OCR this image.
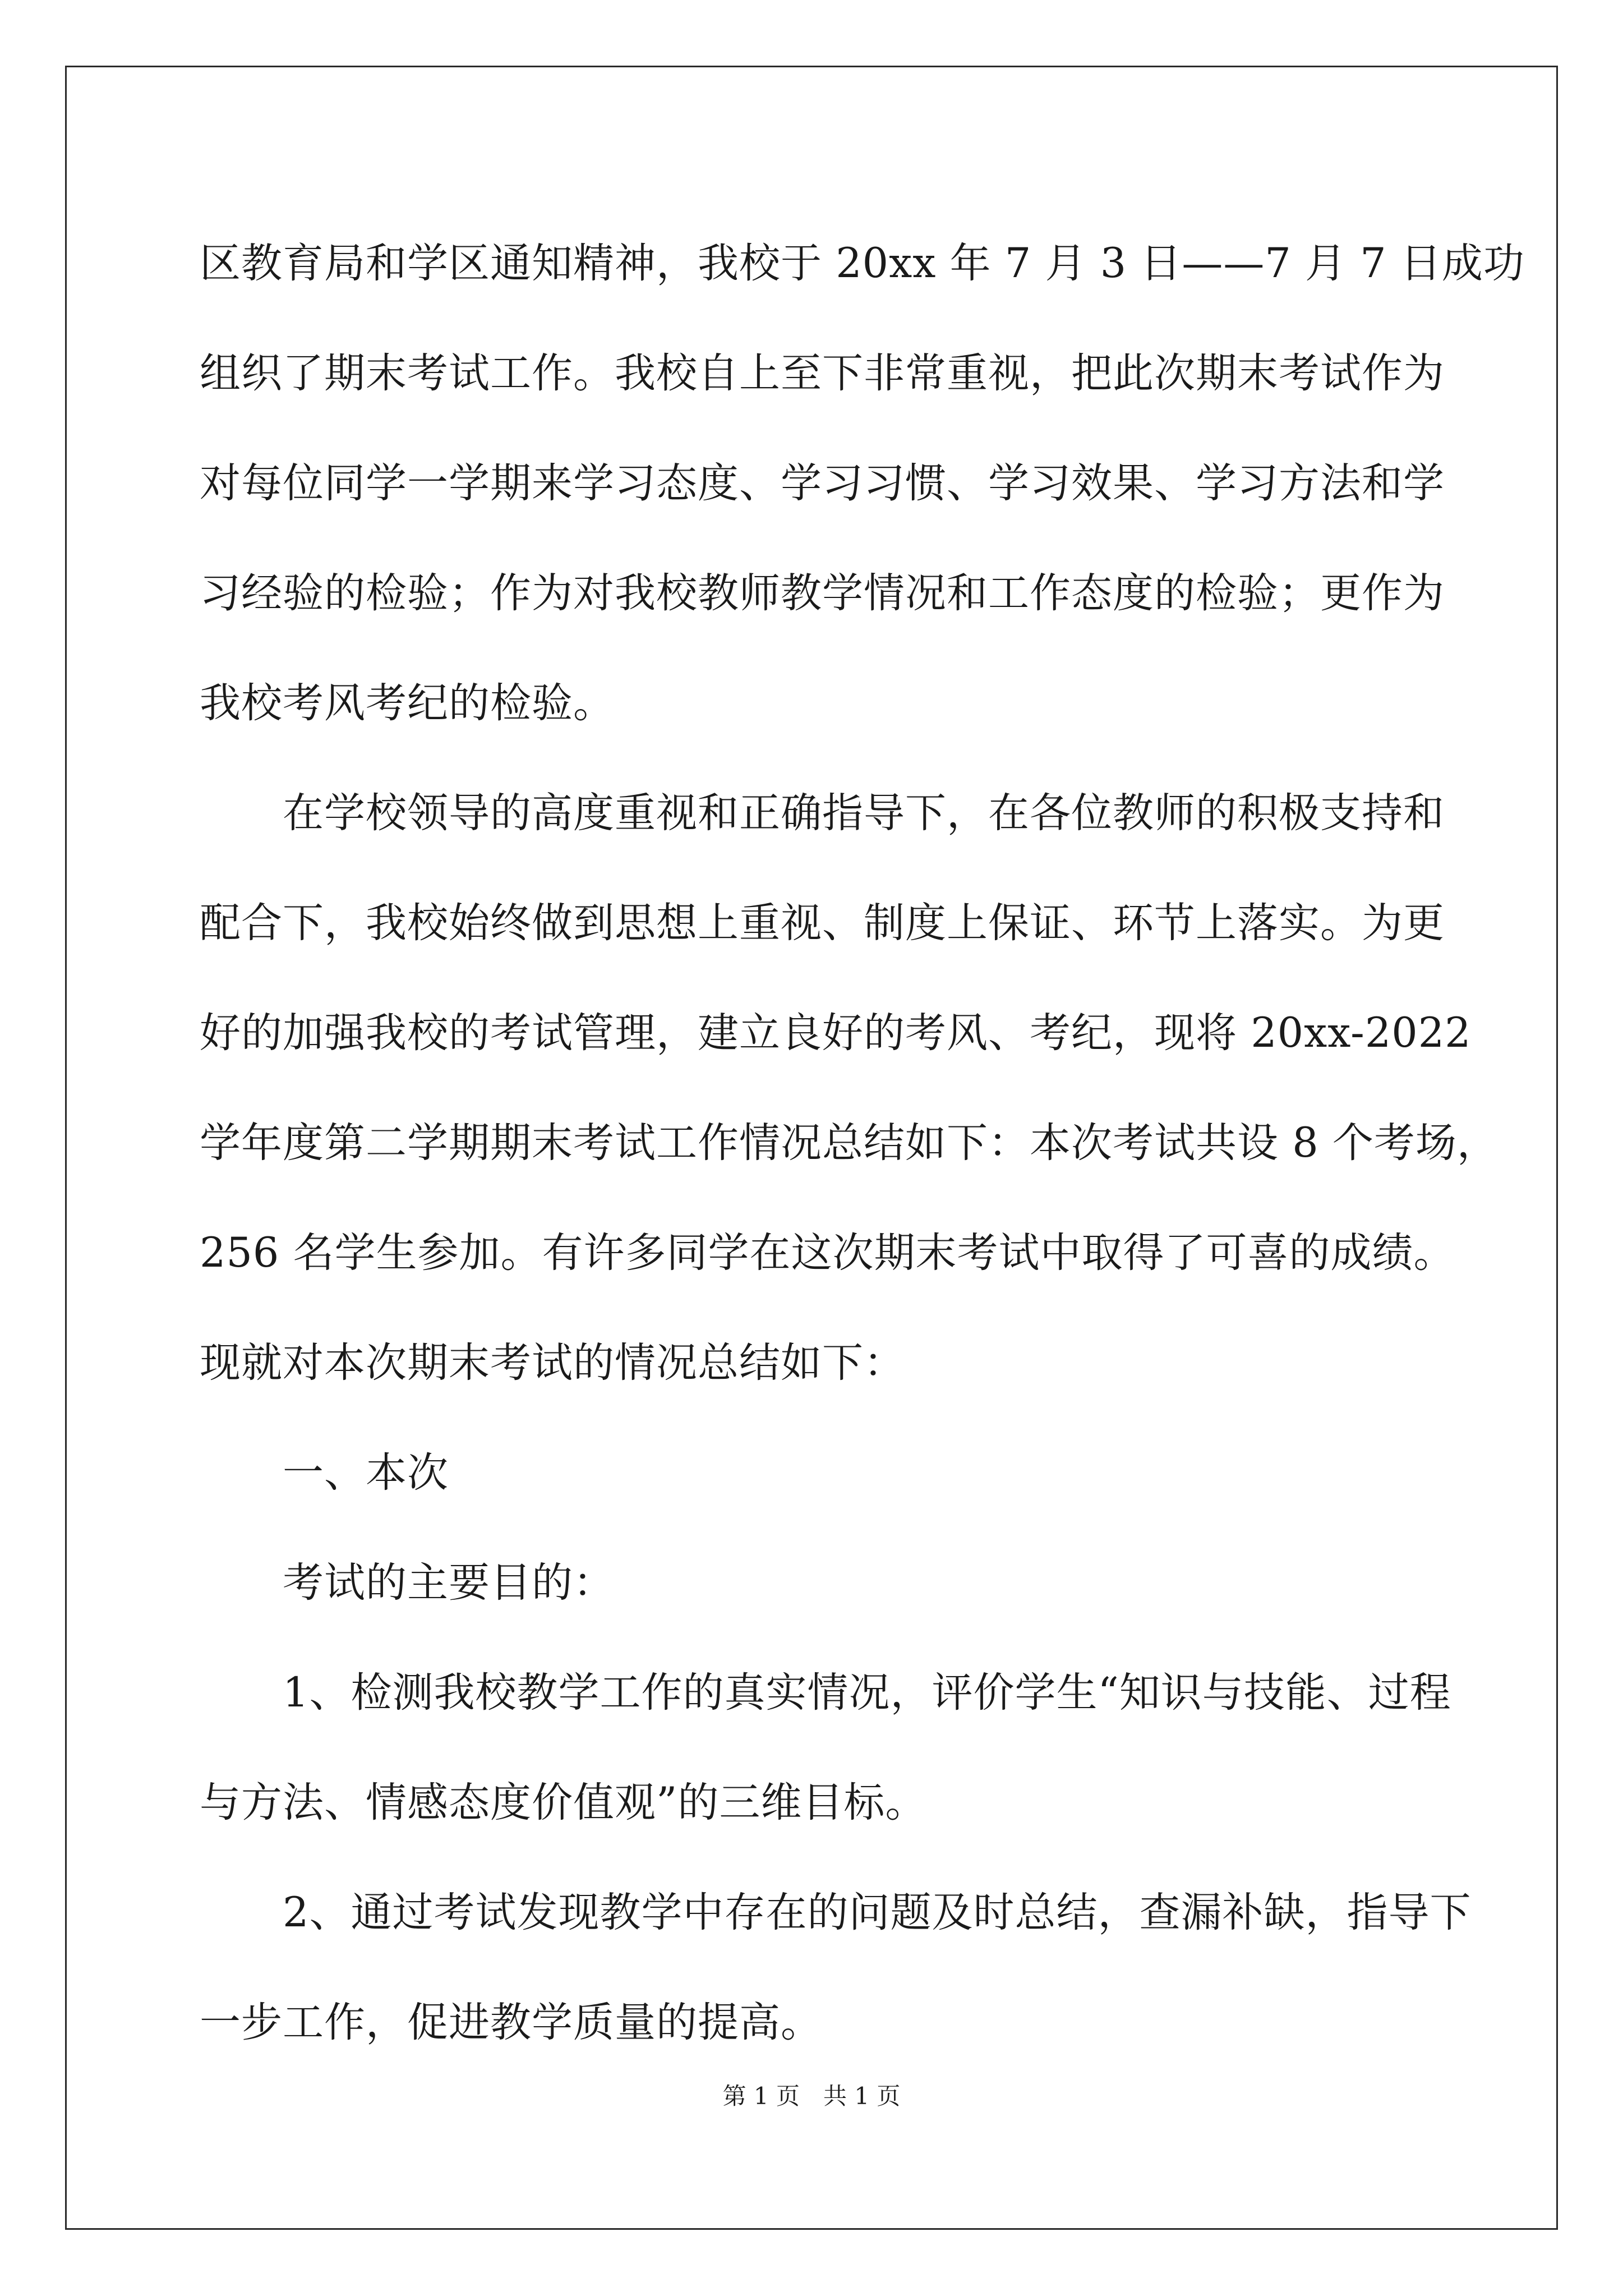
区教育局和学区通知精神，我校于 20xx 年 7 月 3 日——7 月 7 日成功
组织了期末考试工作。我校自上至下非常重视，把此次期末考试作为
对每位同学一学期来学习态度、学习习惯、学习效果、学习方法和学
习经验的检验；作为对我校教师教学情况和工作态度的检验；更作为
我校考风考纪的检验。
在学校领导的高度重视和正确指导下，在各位教师的积极支持和
配合下，我校始终做到思想上重视、制度上保证、环节上落实。为更
好的加强我校的考试管理，建立良好的考风、考纪，现将 20xx-2022
学年度第二学期期末考试工作情况总结如下：本次考试共设 8 个考场，
256 名学生参加。有许多同学在这次期末考试中取得了可喜的成绩。
现就对本次期末考试的情况总结如下：
一、本次
考试的主要目的：
1、检测我校教学工作的真实情况，评价学生“知识与技能、过程
与方法、情感态度价值观”的三维目标。
2、通过考试发现教学中存在的问题及时总结，查漏补缺，指导下
一步工作，促进教学质量的提高。
第 1 页　共 1 页
